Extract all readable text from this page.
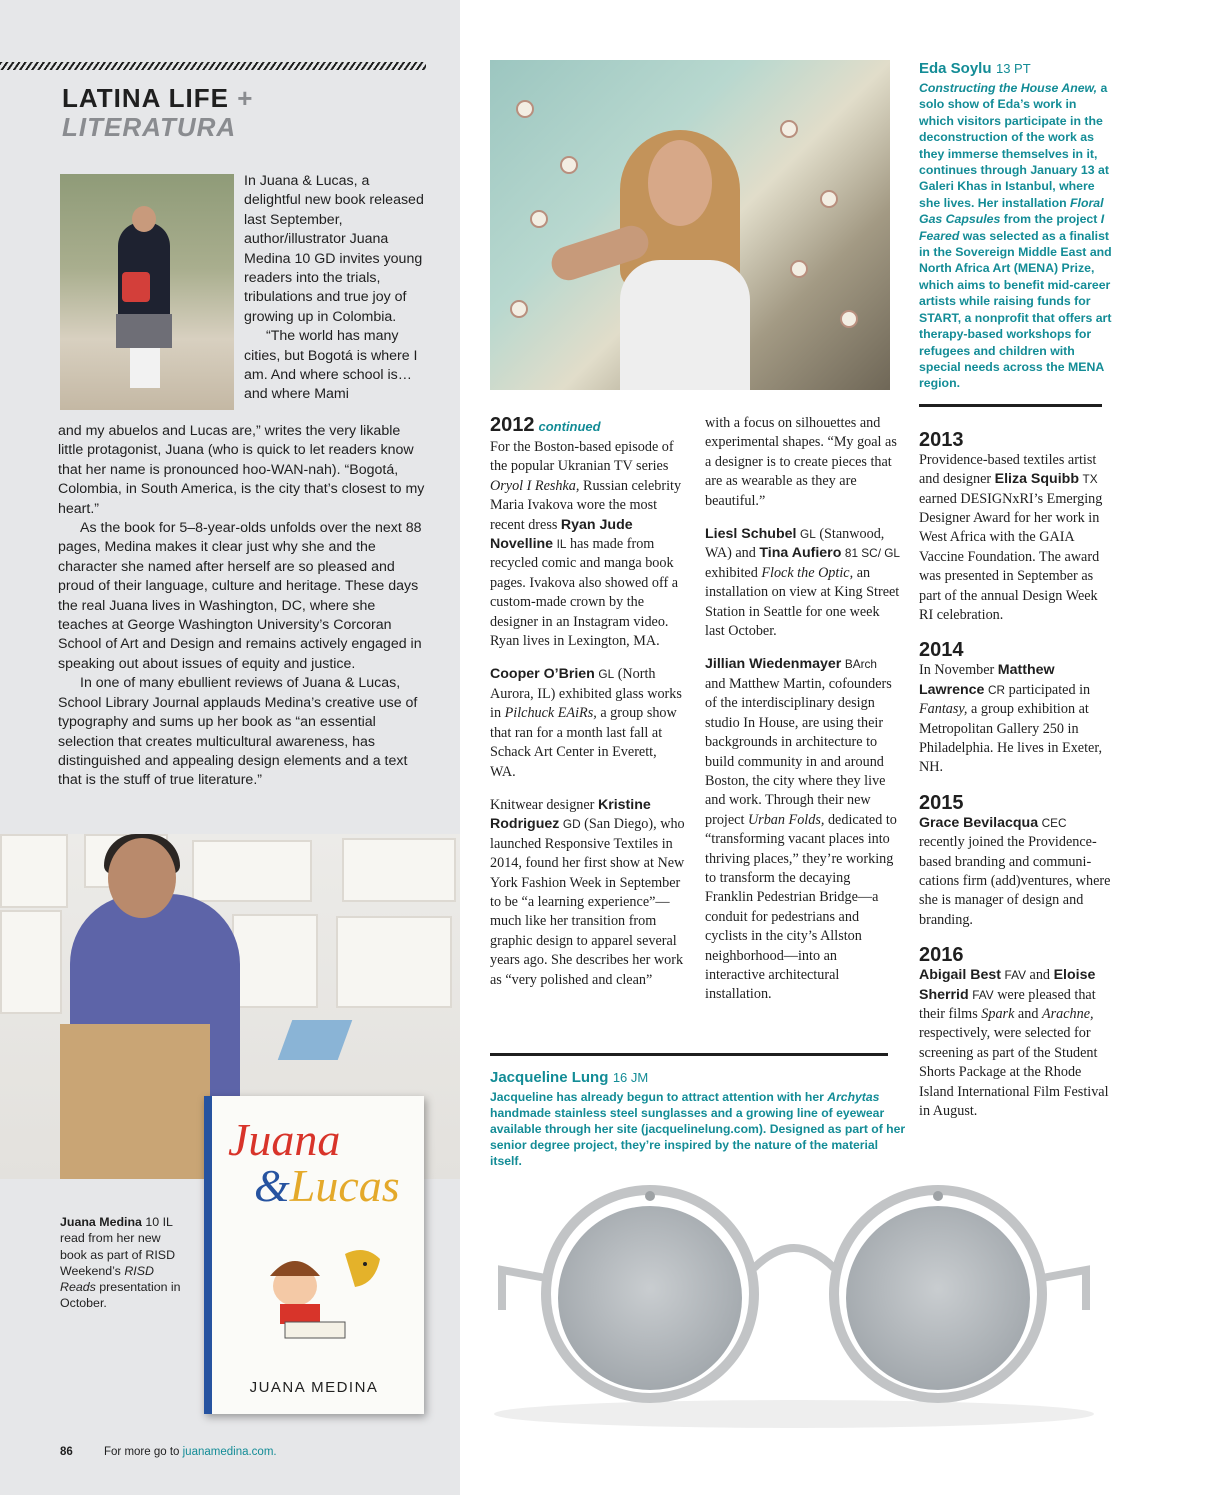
LATINA LIFE +
LITERATURA

In Juana & Lucas, a delightful new book released last September, author/illustrator Juana Medina 10 GD invites young readers into the trials, tribulations and true joy of growing up in Colombia.

“The world has many cities, but Bogotá is where I am. And where school is… and where Mami

and my abuelos and Lucas are,” writes the very likable little protagonist, Juana (who is quick to let readers know that her name is pronounced hoo-WAN-nah). “Bogotá, Colombia, in South America, is the city that’s closest to my heart.”

As the book for 5–8-year-olds unfolds over the next 88 pages, Medina makes it clear just why she and the character she named after herself are so pleased and proud of their language, culture and heritage. These days the real Juana lives in Washington, DC, where she teaches at George Washington University’s Corcoran School of Art and Design and remains actively engaged in speaking out about issues of equity and justice.

In one of many ebullient reviews of Juana & Lucas, School Library Journal applauds Medina’s creative use of typography and sums up her book as “an essential selection that creates multicultural awareness, has distinguished and appealing design elements and a text that is the stuff of true literature.”

Juana
&Lucas
JUANA MEDINA

Juana Medina 10 IL read from her new book as part of RISD Weekend’s RISD Reads presentation in October.

86	For more go to juanamedina.com.
2012 continued

For the Boston-based episode of the popular Ukranian TV series Oryol I Reshka, Russian celebrity Maria Ivakova wore the most recent dress Ryan Jude Novelline IL has made from recycled comic and manga book pages. Ivakova also showed off a custom-made crown by the designer in an Instagram video. Ryan lives in Lexington, MA.

Cooper O’Brien GL (North Aurora, IL) exhibited glass works in Pilchuck EAiRs, a group show that ran for a month last fall at Schack Art Center in Everett, WA.

Knitwear designer Kristine Rodriguez GD (San Diego), who launched Responsive Textiles in 2014, found her first show at New York Fashion Week in September to be “a learning experience”—much like her transition from graphic design to apparel several years ago. She describes her work as “very polished and clean”

with a focus on silhouettes and experimental shapes. “My goal as a designer is to create pieces that are as wearable as they are beautiful.”

Liesl Schubel GL (Stanwood, WA) and Tina Aufiero 81 SC/ GL exhibited Flock the Optic, an installation on view at King Street Station in Seattle for one week last October.

Jillian Wiedenmayer BArch and Matthew Martin, cofounders of the interdisciplinary design studio In House, are using their backgrounds in architecture to build community in and around Boston, the city where they live and work. Through their new project Urban Folds, dedicated to “transforming vacant places into thriving places,” they’re working to transform the decaying Franklin Pedestrian Bridge—a conduit for pedestrians and cyclists in the city’s Allston neighborhood—into an interactive architectural installation.

Eda Soylu 13 PT
Constructing the House Anew, a solo show of Eda’s work in which visitors participate in the deconstruction of the work as they immerse themselves in it, continues through January 13 at Galeri Khas in Istanbul, where she lives. Her installation Floral Gas Capsules from the project I Feared was selected as a finalist in the Sovereign Middle East and North Africa Art (MENA) Prize, which aims to benefit mid-career artists while raising funds for START, a nonprofit that offers art therapy-based workshops for refugees and children with special needs across the MENA region.
2013

Providence-based textiles artist and designer Eliza Squibb TX earned DESIGNxRI’s Emerging Designer Award for her work in West Africa with the GAIA Vaccine Foundation. The award was presented in September as part of the annual Design Week RI celebration.

2014

In November Matthew Lawrence CR participated in Fantasy, a group exhibition at Metropolitan Gallery 250 in Philadelphia. He lives in Exeter, NH.

2015

Grace Bevilacqua CEC recently joined the Providence-based branding and communications firm (add)ventures, where she is manager of design and branding.

2016

Abigail Best FAV and Eloise Sherrid FAV were pleased that their films Spark and Arachne, respectively, were selected for screening as part of the Student Shorts Package at the Rhode Island International Film Festival in August.

Jacqueline Lung 16 JM
Jacqueline has already begun to attract attention with her Archytas handmade stainless steel sunglasses and a growing line of eyewear available through her site (jacquelinelung.com). Designed as part of her senior degree project, they’re inspired by the nature of the material itself.
